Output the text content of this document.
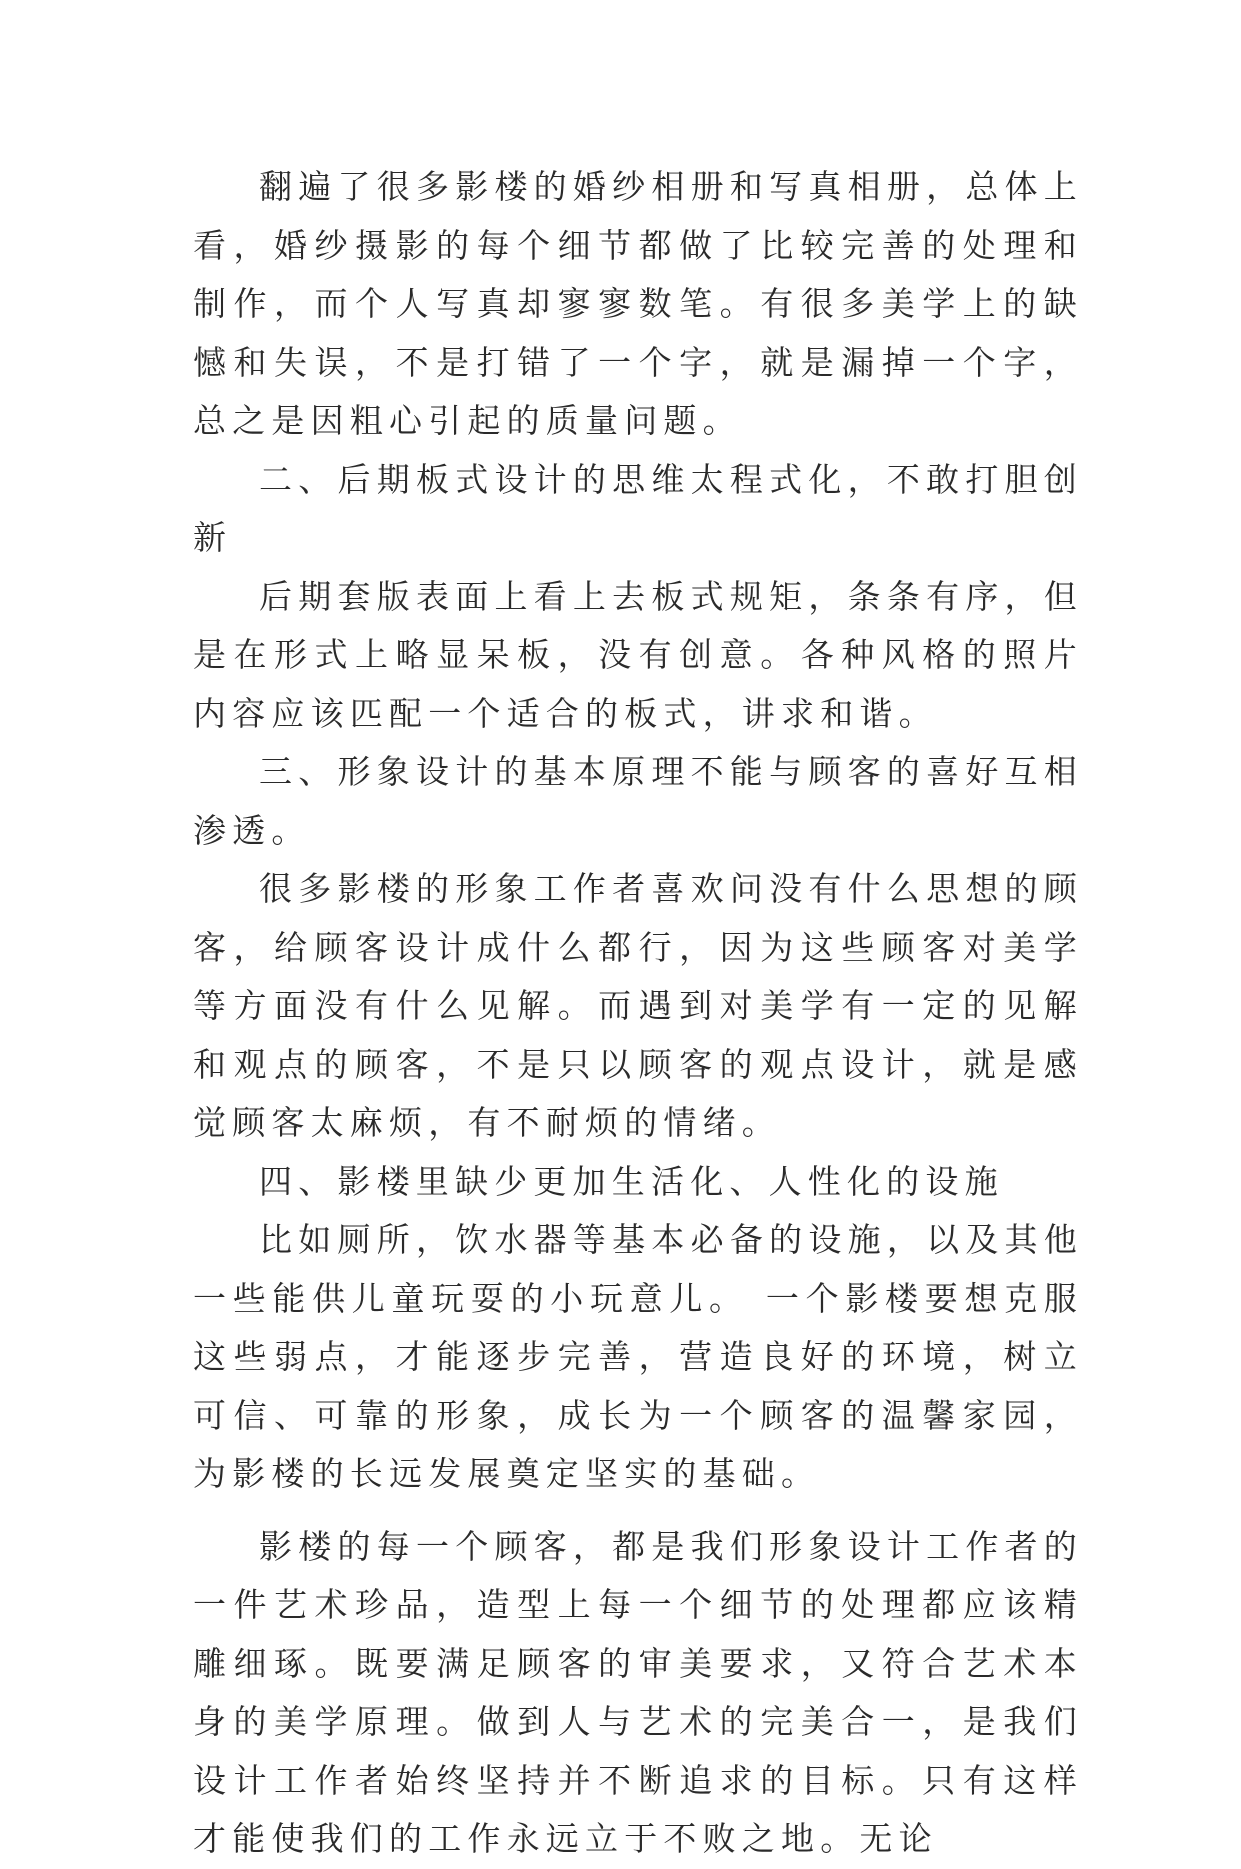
翻遍了很多影楼的婚纱相册和写真相册，总体上看，婚纱摄影的每个细节都做了比较完善的处理和制作，而个人写真却寥寥数笔。有很多美学上的缺憾和失误，不是打错了一个字，就是漏掉一个字，总之是因粗心引起的质量问题。

二、后期板式设计的思维太程式化，不敢打胆创新

后期套版表面上看上去板式规矩，条条有序，但是在形式上略显呆板，没有创意。各种风格的照片内容应该匹配一个适合的板式，讲求和谐。

三、形象设计的基本原理不能与顾客的喜好互相渗透。

很多影楼的形象工作者喜欢问没有什么思想的顾客，给顾客设计成什么都行，因为这些顾客对美学等方面没有什么见解。而遇到对美学有一定的见解和观点的顾客，不是只以顾客的观点设计，就是感觉顾客太麻烦，有不耐烦的情绪。

四、影楼里缺少更加生活化、人性化的设施

比如厕所，饮水器等基本必备的设施，以及其他一些能供儿童玩耍的小玩意儿。 一个影楼要想克服这些弱点，才能逐步完善，营造良好的环境，树立可信、可靠的形象，成长为一个顾客的温馨家园，为影楼的长远发展奠定坚实的基础。

影楼的每一个顾客，都是我们形象设计工作者的一件艺术珍品，造型上每一个细节的处理都应该精雕细琢。既要满足顾客的审美要求，又符合艺术本身的美学原理。做到人与艺术的完美合一，是我们设计工作者始终坚持并不断追求的目标。只有这样才能使我们的工作永远立于不败之地。无论
